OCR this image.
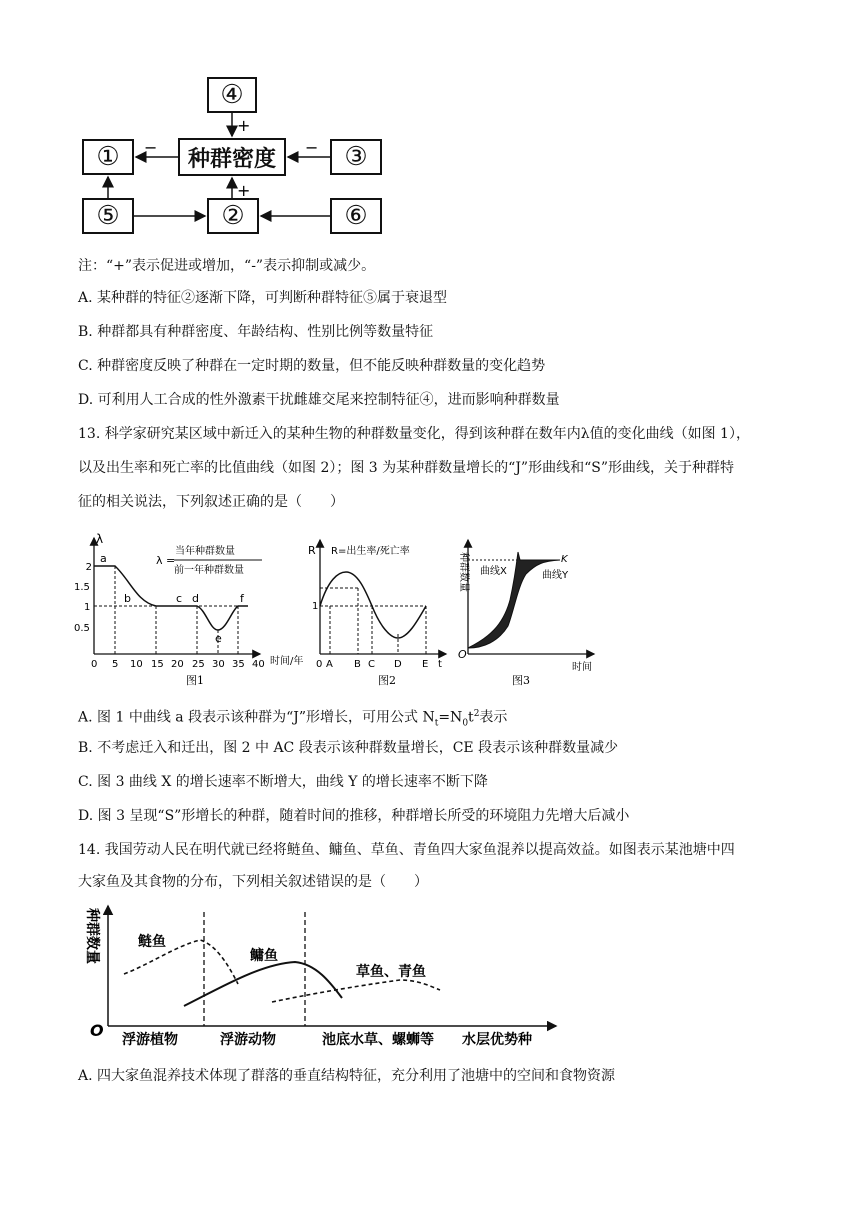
④
种群密度
①	③
⑤	②	⑥
+
+
−	−
注：“+”表示促进或增加，“-”表示抑制或减少。
A. 某种群的特征②逐渐下降，可判断种群特征⑤属于衰退型
B. 种群都具有种群密度、年龄结构、性别比例等数量特征
C. 种群密度反映了种群在一定时期的数量，但不能反映种群数量的变化趋势
D. 可利用人工合成的性外激素干扰雌雄交尾来控制特征④，进而影响种群数量
13. 科学家研究某区域中新迁入的某种生物的种群数量变化，得到该种群在数年内λ值的变化曲线（如图 1），
以及出生率和死亡率的比值曲线（如图 2）；图 3 为某种群数量增长的“J”形曲线和“S”形曲线，关于种群特
征的相关说法，下列叙述正确的是（　　）
λ
2
1.5
1
0.5
0 5 10 15 20 25 30 35 40 时间/年
a
b	c d
e
f
λ =
当年种群数量
前一年种群数量
图1
R R=出生率/死亡率
1
0 A B C D E t
图2
种群数量
O
时间
K
曲线X	曲线Y
图3
A. 图 1 中曲线 a 段表示该种群为“J”形增长，可用公式 $N_t=N_0t^2$表示
B. 不考虑迁入和迁出，图 2 中 AC 段表示该种群数量增长，CE 段表示该种群数量减少
C. 图 3 曲线 X 的增长速率不断增大，曲线 Y 的增长速率不断下降
D. 图 3 呈现“S”形增长的种群，随着时间的推移，种群增长所受的环境阻力先增大后减小
14. 我国劳动人民在明代就已经将鲢鱼、鳙鱼、草鱼、青鱼四大家鱼混养以提高效益。如图表示某池塘中四
大家鱼及其食物的分布，下列相关叙述错误的是（　　）
种群数量
O
鲢鱼
鳙鱼
草鱼、青鱼
浮游植物	浮游动物	池底水草、螺蛳等 水层优势种
A. 四大家鱼混养技术体现了群落的垂直结构特征，充分利用了池塘中的空间和食物资源
